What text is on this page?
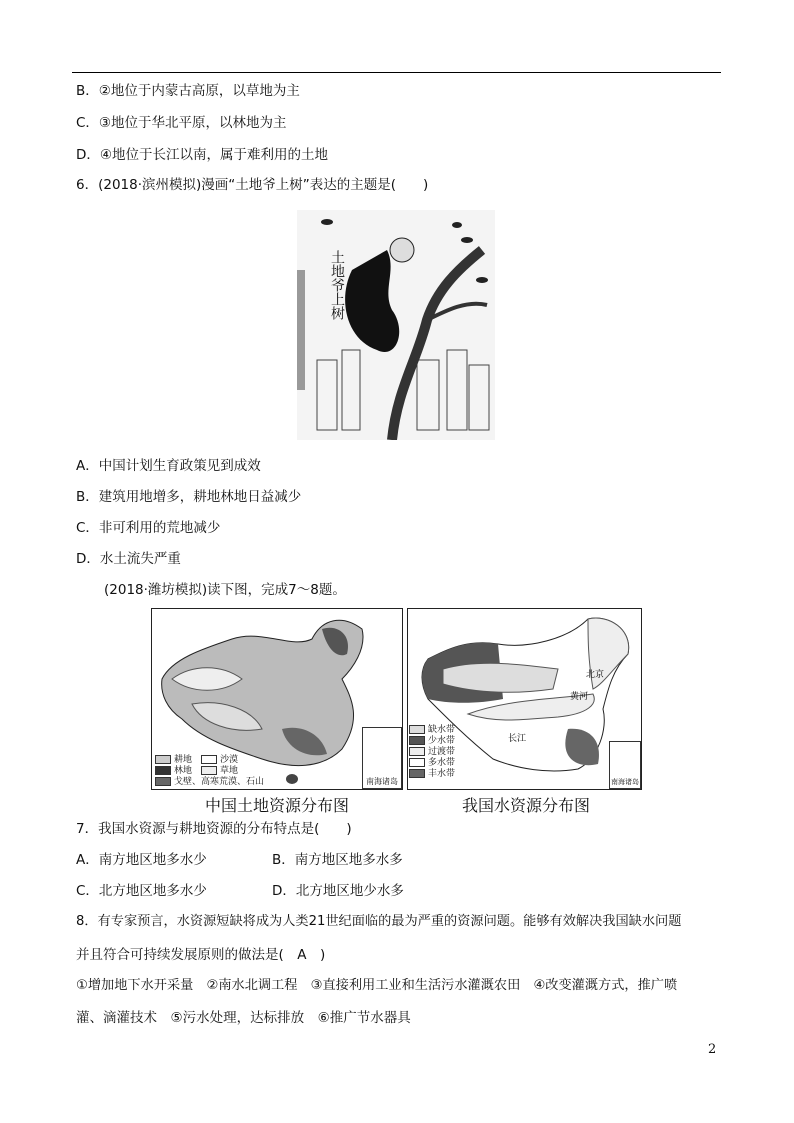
B．②地位于内蒙古高原，以草地为主
C．③地位于华北平原，以林地为主
D．④地位于长江以南，属于难利用的土地
6．(2018·滨州模拟)漫画“土地爷上树”表达的主题是(　　)
土地爷上树
A．中国计划生育政策见到成效
B．建筑用地增多，耕地林地日益减少
C．非可利用的荒地减少
D．水土流失严重
(2018·潍坊模拟)读下图，完成7～8题。
耕地　	沙漠
林地　	草地
戈壁、高寒荒漠、石山	南海诸岛
北京
黄河
长江
缺水带
少水带
过渡带
多水带
丰水带
南海诸岛
中国土地资源分布图	我国水资源分布图
7．我国水资源与耕地资源的分布特点是(　　)
A．南方地区地多水少	B．南方地区地多水多
C．北方地区地多水少	D．北方地区地少水多
8．有专家预言，水资源短缺将成为人类21世纪面临的最为严重的资源问题。能够有效解决我国缺水问题
并且符合可持续发展原则的做法是(　A　)
①增加地下水开采量　②南水北调工程　③直接利用工业和生活污水灌溉农田　④改变灌溉方式，推广喷
灌、滴灌技术　⑤污水处理，达标排放　⑥推广节水器具
2
